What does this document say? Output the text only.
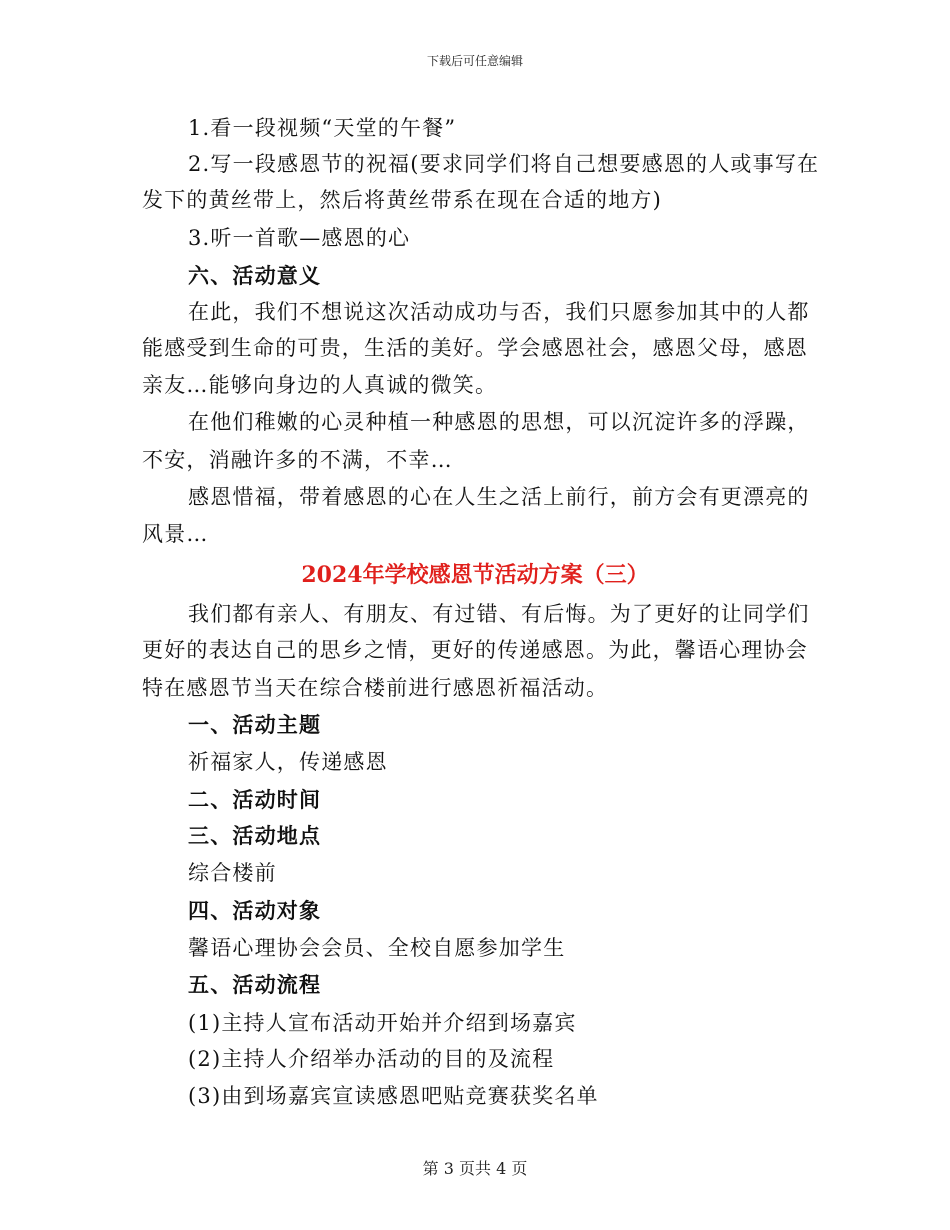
下载后可任意编辑
1.看一段视频“天堂的午餐”
2.写一段感恩节的祝福(要求同学们将自己想要感恩的人或事写在
发下的黄丝带上，然后将黄丝带系在现在合适的地方)
3.听一首歌—感恩的心
六、活动意义
在此，我们不想说这次活动成功与否，我们只愿参加其中的人都
能感受到生命的可贵，生活的美好。学会感恩社会，感恩父母，感恩
亲友…能够向身边的人真诚的微笑。
在他们稚嫩的心灵种植一种感恩的思想，可以沉淀许多的浮躁，
不安，消融许多的不满，不幸…
感恩惜福，带着感恩的心在人生之活上前行，前方会有更漂亮的
风景…
2024年学校感恩节活动方案（三）
我们都有亲人、有朋友、有过错、有后悔。为了更好的让同学们
更好的表达自己的思乡之情，更好的传递感恩。为此，馨语心理协会
特在感恩节当天在综合楼前进行感恩祈福活动。
一、活动主题
祈福家人，传递感恩
二、活动时间
三、活动地点
综合楼前
四、活动对象
馨语心理协会会员、全校自愿参加学生
五、活动流程
(1)主持人宣布活动开始并介绍到场嘉宾
(2)主持人介绍举办活动的目的及流程
(3)由到场嘉宾宣读感恩吧贴竞赛获奖名单
第 3 页共 4 页
